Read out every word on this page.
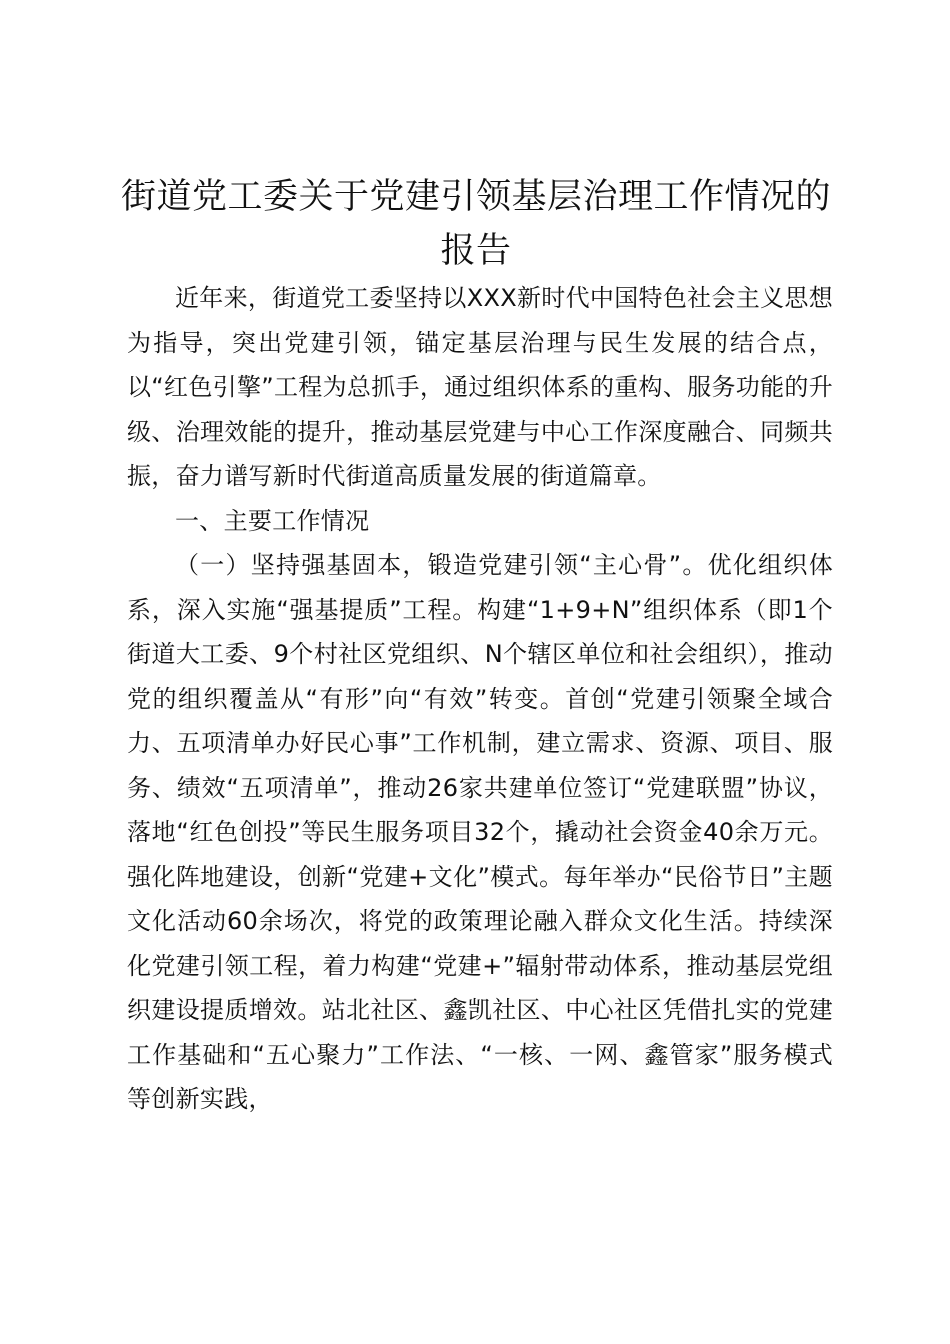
街道党工委关于党建引领基层治理工作情况的报告

近年来，街道党工委坚持以XXX新时代中国特色社会主义思想为指导，突出党建引领，锚定基层治理与民生发展的结合点，以“红色引擎”工程为总抓手，通过组织体系的重构、服务功能的升级、治理效能的提升，推动基层党建与中心工作深度融合、同频共振，奋力谱写新时代街道高质量发展的街道篇章。

一、主要工作情况

（一）坚持强基固本，锻造党建引领“主心骨”。优化组织体系，深入实施“强基提质”工程。构建“1+9+N”组织体系（即1个街道大工委、9个村社区党组织、N个辖区单位和社会组织），推动党的组织覆盖从“有形”向“有效”转变。首创“党建引领聚全域合力、五项清单办好民心事”工作机制，建立需求、资源、项目、服务、绩效“五项清单”，推动26家共建单位签订“党建联盟”协议，落地“红色创投”等民生服务项目32个，撬动社会资金40余万元。强化阵地建设，创新“党建+文化”模式。每年举办“民俗节日”主题文化活动60余场次，将党的政策理论融入群众文化生活。持续深化党建引领工程，着力构建“党建+”辐射带动体系，推动基层党组织建设提质增效。站北社区、鑫凯社区、中心社区凭借扎实的党建工作基础和“五心聚力”工作法、“一核、一网、鑫管家”服务模式等创新实践，
